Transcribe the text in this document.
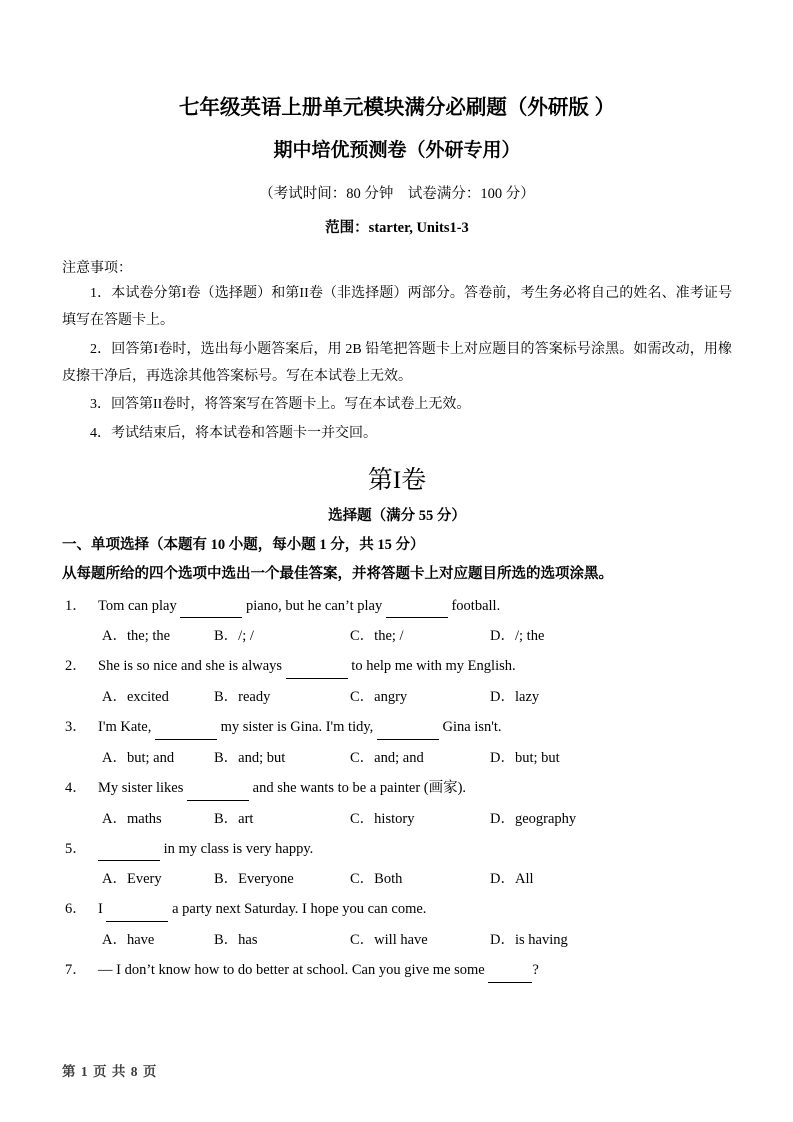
七年级英语上册单元模块满分必刷题（外研版 ）
期中培优预测卷（外研专用）
（考试时间：80 分钟　试卷满分：100 分）
范围：starter, Units1-3
注意事项：
1．本试卷分第I卷（选择题）和第II卷（非选择题）两部分。答卷前，考生务必将自己的姓名、准考证号填写在答题卡上。
2．回答第I卷时，选出每小题答案后，用 2B 铅笔把答题卡上对应题目的答案标号涂黑。如需改动，用橡皮擦干净后，再选涂其他答案标号。写在本试卷上无效。
3．回答第II卷时，将答案写在答题卡上。写在本试卷上无效。
4．考试结束后，将本试卷和答题卡一并交回。
第I卷
选择题（满分 55 分）
一、单项选择（本题有 10 小题，每小题 1 分，共 15 分）
从每题所给的四个选项中选出一个最佳答案，并将答题卡上对应题目所选的选项涂黑。
1． Tom can play	piano, but he can’t play	football.
A．the; the	B．/; /	C．the; /	D．/; the
2． She is so nice and she is always	to help me with my English.
A．excited	B．ready	C．angry	D．lazy
3． I'm Kate,	my sister is Gina. I'm tidy,	Gina isn't.
A．but; and	B．and; but	C．and; and	D．but; but
4． My sister likes	and she wants to be a painter (画家).
A．maths	B．art	C．history	D．geography
5．	in my class is very happy.
A．Every	B．Everyone	C．Both	D．All
6． I	a party next Saturday. I hope you can come.
A．have	B．has	C．will have	D．is having
7． — I don’t know how to do better at school. Can you give me some	?
第 1 页 共 8 页
